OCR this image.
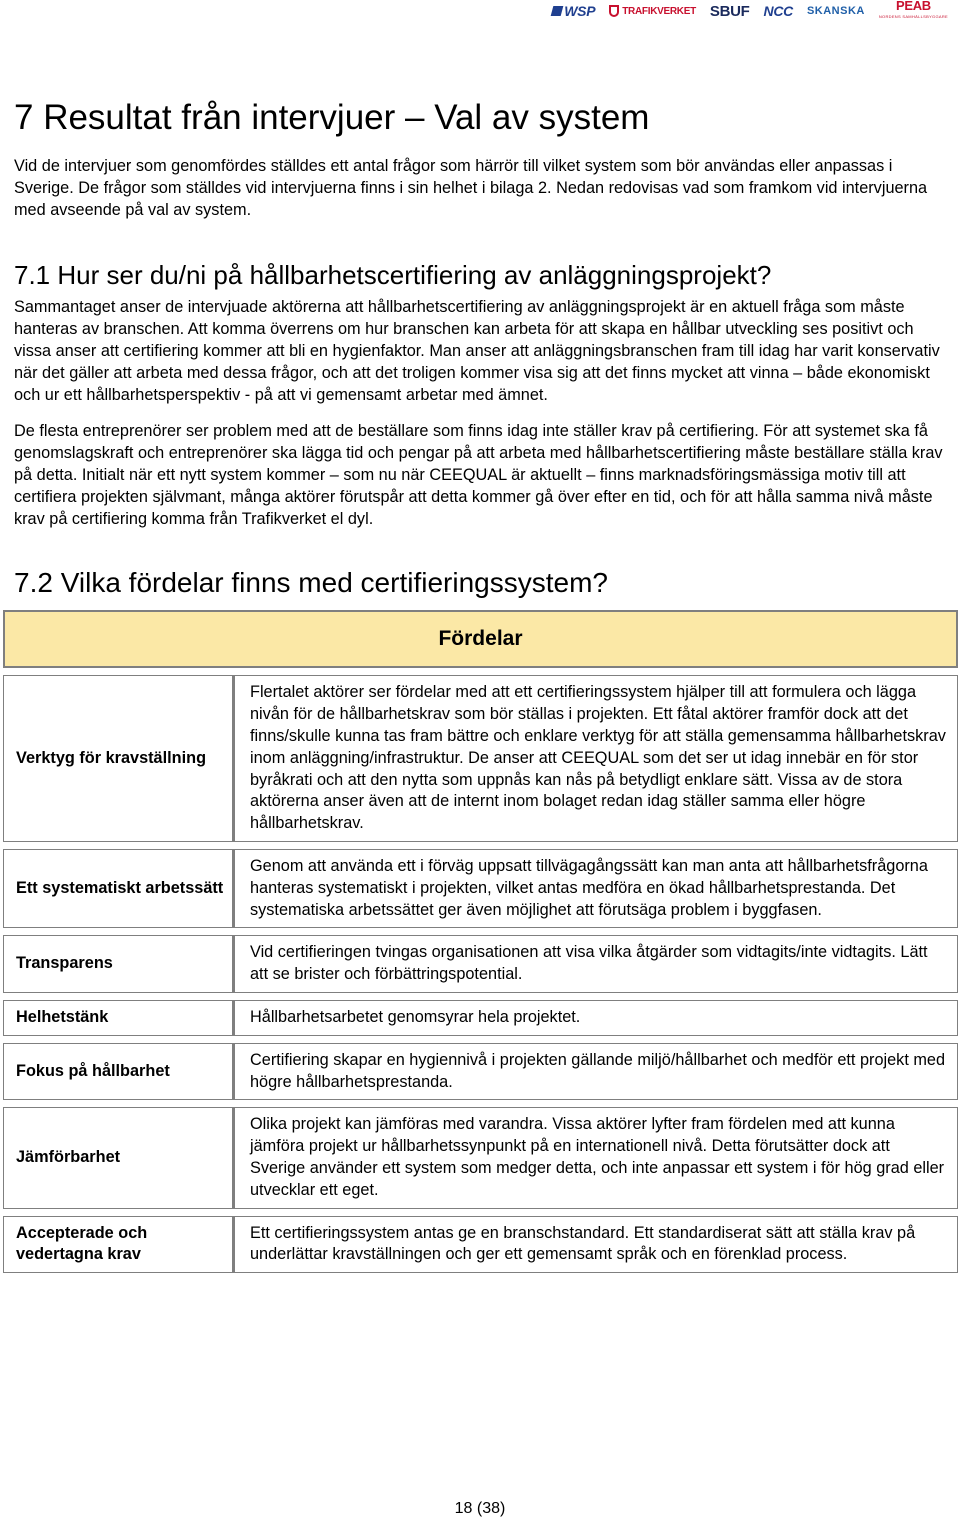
WSP	TRAFIKVERKET SBUF NCC SKANSKA PEAB
NORDENS SAMHÄLLSBYGGARE
7 Resultat från intervjuer – Val av system

Vid de intervjuer som genomfördes ställdes ett antal frågor som härrör till vilket system som bör användas eller anpassas i Sverige. De frågor som ställdes vid intervjuerna finns i sin helhet i bilaga 2. Nedan redovisas vad som framkom vid intervjuerna med avseende på val av system.

7.1 Hur ser du/ni på hållbarhetscertifiering av anläggningsprojekt?

Sammantaget anser de intervjuade aktörerna att hållbarhetscertifiering av anläggningsprojekt är en aktuell fråga som måste hanteras av branschen. Att komma överrens om hur branschen kan arbeta för att skapa en hållbar utveckling ses positivt och vissa anser att certifiering kommer att bli en hygienfaktor. Man anser att anläggningsbranschen fram till idag har varit konservativ när det gäller att arbeta med dessa frågor, och att det troligen kommer visa sig att det finns mycket att vinna – både ekonomiskt och ur ett hållbarhetsperspektiv - på att vi gemensamt arbetar med ämnet.

De flesta entreprenörer ser problem med att de beställare som finns idag inte ställer krav på certifiering. För att systemet ska få genomslagskraft och entreprenörer ska lägga tid och pengar på att arbeta med hållbarhetscertifiering måste beställare ställa krav på detta. Initialt när ett nytt system kommer – som nu när CEEQUAL är aktuellt – finns marknadsföringsmässiga motiv till att certifiera projekten självmant, många aktörer förutspår att detta kommer gå över efter en tid, och för att hålla samma nivå måste krav på certifiering komma från Trafikverket el dyl.

7.2 Vilka fördelar finns med certifieringssystem?
Fördelar	
Verktyg för kravställning	Flertalet aktörer ser fördelar med att ett certifieringssystem hjälper till att formulera och lägga nivån för de hållbarhetskrav som bör ställas i projekten. Ett fåtal aktörer framför dock att det finns/skulle kunna tas fram bättre och enklare verktyg för att ställa gemensamma hållbarhetskrav inom anläggning/infrastruktur. De anser att CEEQUAL som det ser ut idag innebär en för stor byråkrati och att den nytta som uppnås kan nås på betydligt enklare sätt. Vissa av de stora aktörerna anser även att de internt inom bolaget redan idag ställer samma eller högre hållbarhetskrav.
Ett systematiskt arbetssätt	Genom att använda ett i förväg uppsatt tillvägagångssätt kan man anta att hållbarhetsfrågorna hanteras systematiskt i projekten, vilket antas medföra en ökad hållbarhetsprestanda. Det systematiska arbetssättet ger även möjlighet att förutsäga problem i byggfasen.
Transparens	Vid certifieringen tvingas organisationen att visa vilka åtgärder som vidtagits/inte vidtagits. Lätt att se brister och förbättringspotential.
Helhetstänk	Hållbarhetsarbetet genomsyrar hela projektet.
Fokus på hållbarhet	Certifiering skapar en hygiennivå i projekten gällande miljö/hållbarhet och medför ett projekt med högre hållbarhetsprestanda.
Jämförbarhet	Olika projekt kan jämföras med varandra. Vissa aktörer lyfter fram fördelen med att kunna jämföra projekt ur hållbarhetssynpunkt på en internationell nivå. Detta förutsätter dock att Sverige använder ett system som medger detta, och inte anpassar ett system i för hög grad eller utvecklar ett eget.
Accepterade och vedertagna krav	Ett certifieringssystem antas ge en branschstandard. Ett standardiserat sätt att ställa krav på underlättar kravställningen och ger ett gemensamt språk och en förenklad process.
18 (38)
